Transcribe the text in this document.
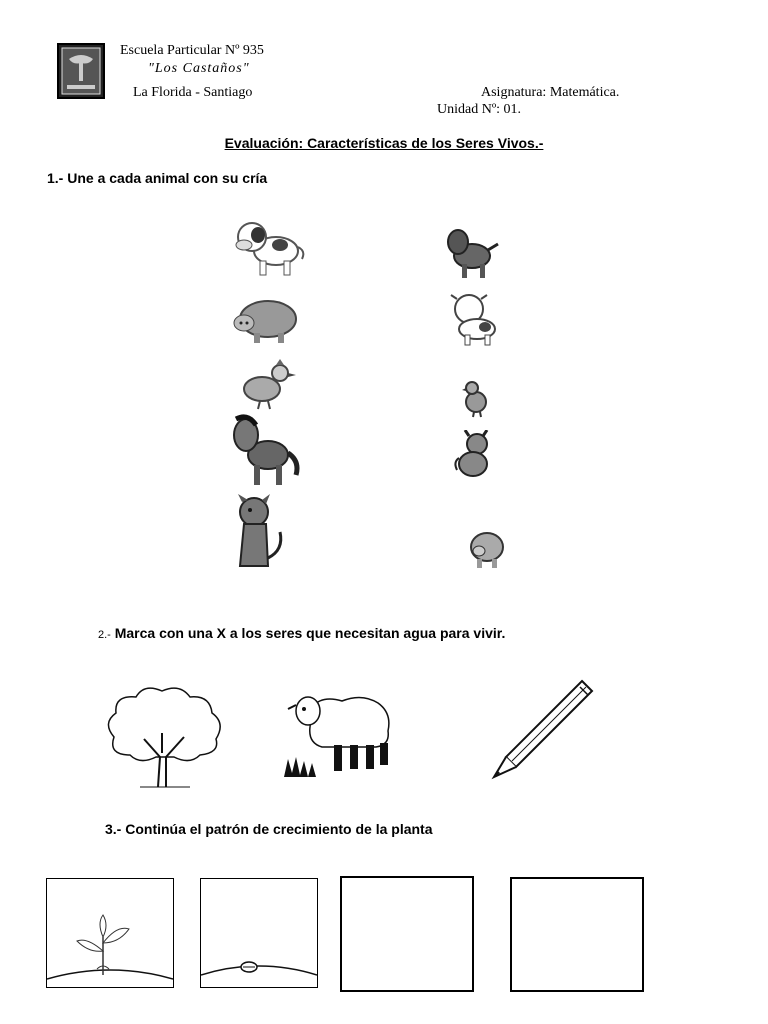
Escuela Particular Nº 935
"Los Castaños"
La Florida - Santiago	Asignatura: Matemática.
Unidad Nº: 01.
Evaluación: Características de los Seres Vivos.-
1.- Une a cada animal con su cría
2.- Marca con una X a los seres que necesitan agua para vivir.
3.- Continúa el patrón de crecimiento de la planta
